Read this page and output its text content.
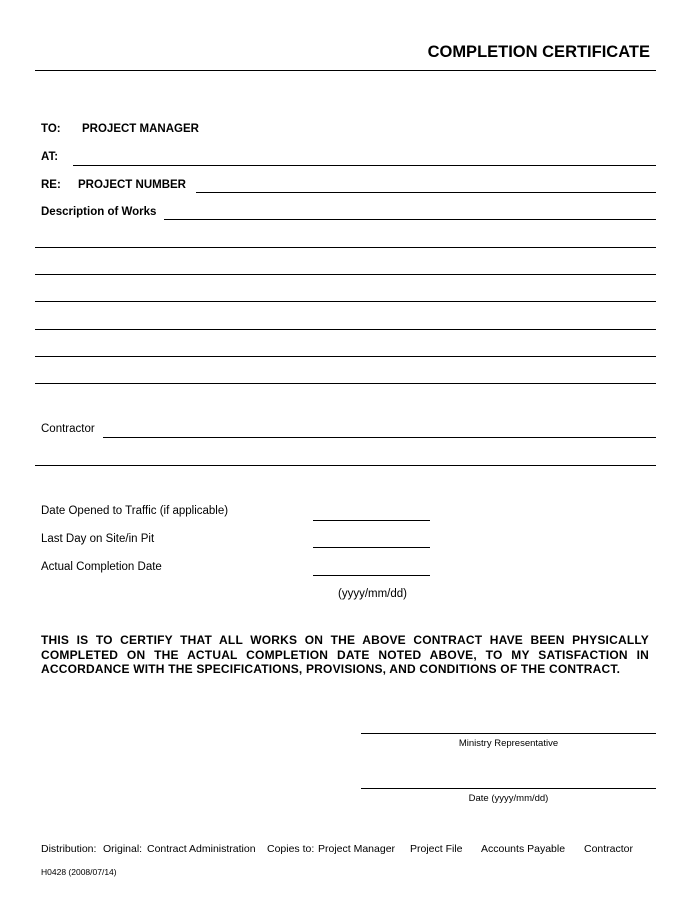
COMPLETION CERTIFICATE
TO: PROJECT MANAGER
AT:
RE: PROJECT NUMBER
Description of Works
Contractor
Date Opened to Traffic (if applicable)
Last Day on Site/in Pit
Actual Completion Date
(yyyy/mm/dd)
THIS IS TO CERTIFY THAT ALL WORKS ON THE ABOVE CONTRACT HAVE BEEN PHYSICALLY COMPLETED ON THE ACTUAL COMPLETION DATE NOTED ABOVE, TO MY SATISFACTION IN ACCORDANCE WITH THE SPECIFICATIONS, PROVISIONS, AND CONDITIONS OF THE CONTRACT.
Ministry Representative
Date (yyyy/mm/dd)
Distribution: Original: Contract Administration Copies to: Project Manager Project File Accounts Payable Contractor
H0428 (2008/07/14)
